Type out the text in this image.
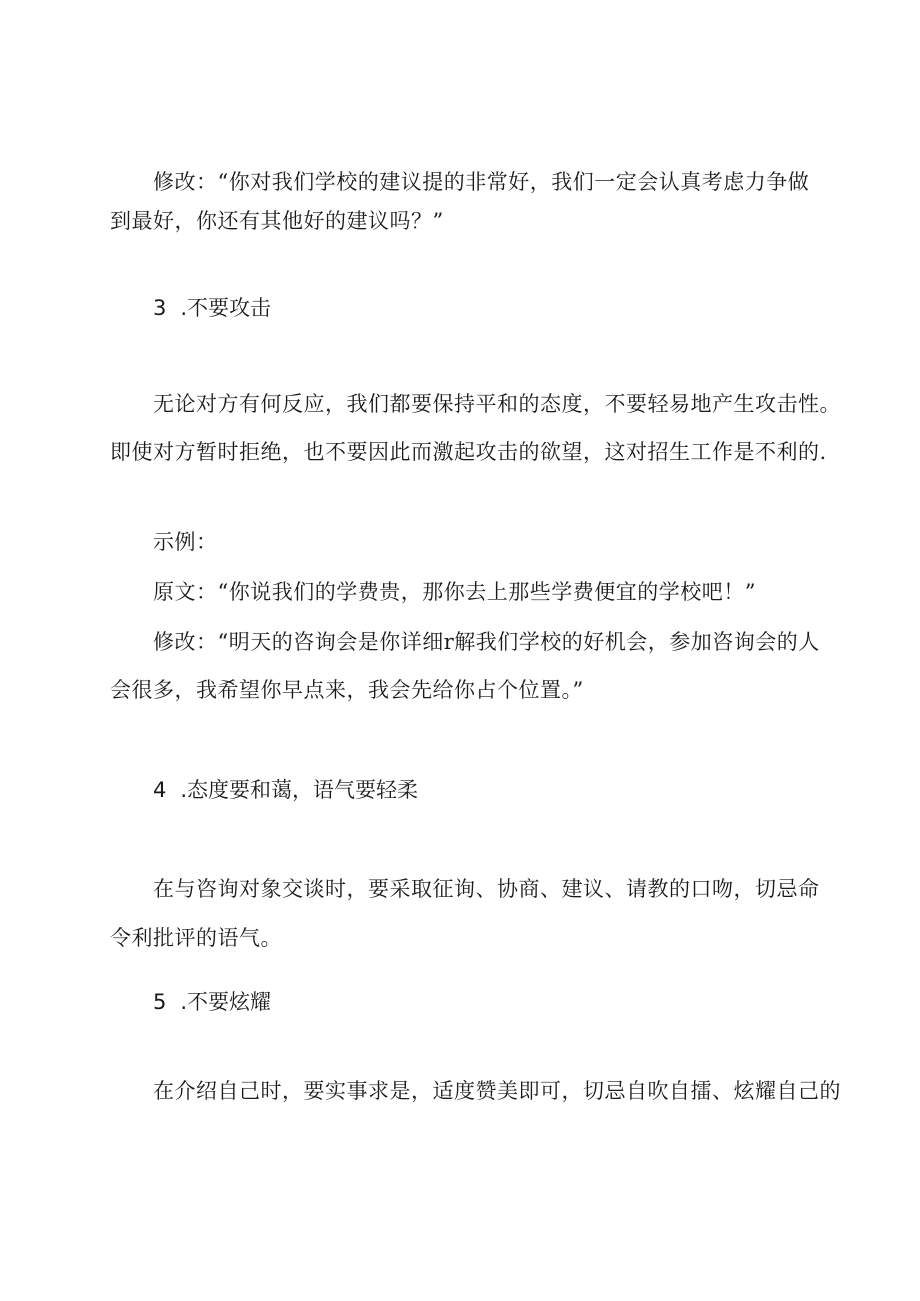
修改：“你对我们学校的建议提的非常好，我们一定会认真考虑力争做
到最好，你还有其他好的建议吗？”
3 .不要攻击
无论对方有何反应，我们都要保持平和的态度，不要轻易地产生攻击性。
即使对方暂时拒绝，也不要因此而激起攻击的欲望，这对招生工作是不利的.
示例：
原文：“你说我们的学费贵，那你去上那些学费便宜的学校吧！”
修改：“明天的咨询会是你详细r解我们学校的好机会，参加咨询会的人
会很多，我希望你早点来，我会先给你占个位置。”
4 .态度要和蔼，语气要轻柔
在与咨询对象交谈时，要采取征询、协商、建议、请教的口吻，切忌命
令利批评的语气。
5 .不要炫耀
在介绍自己时，要实事求是，适度赞美即可，切忌自吹自擂、炫耀自己的
